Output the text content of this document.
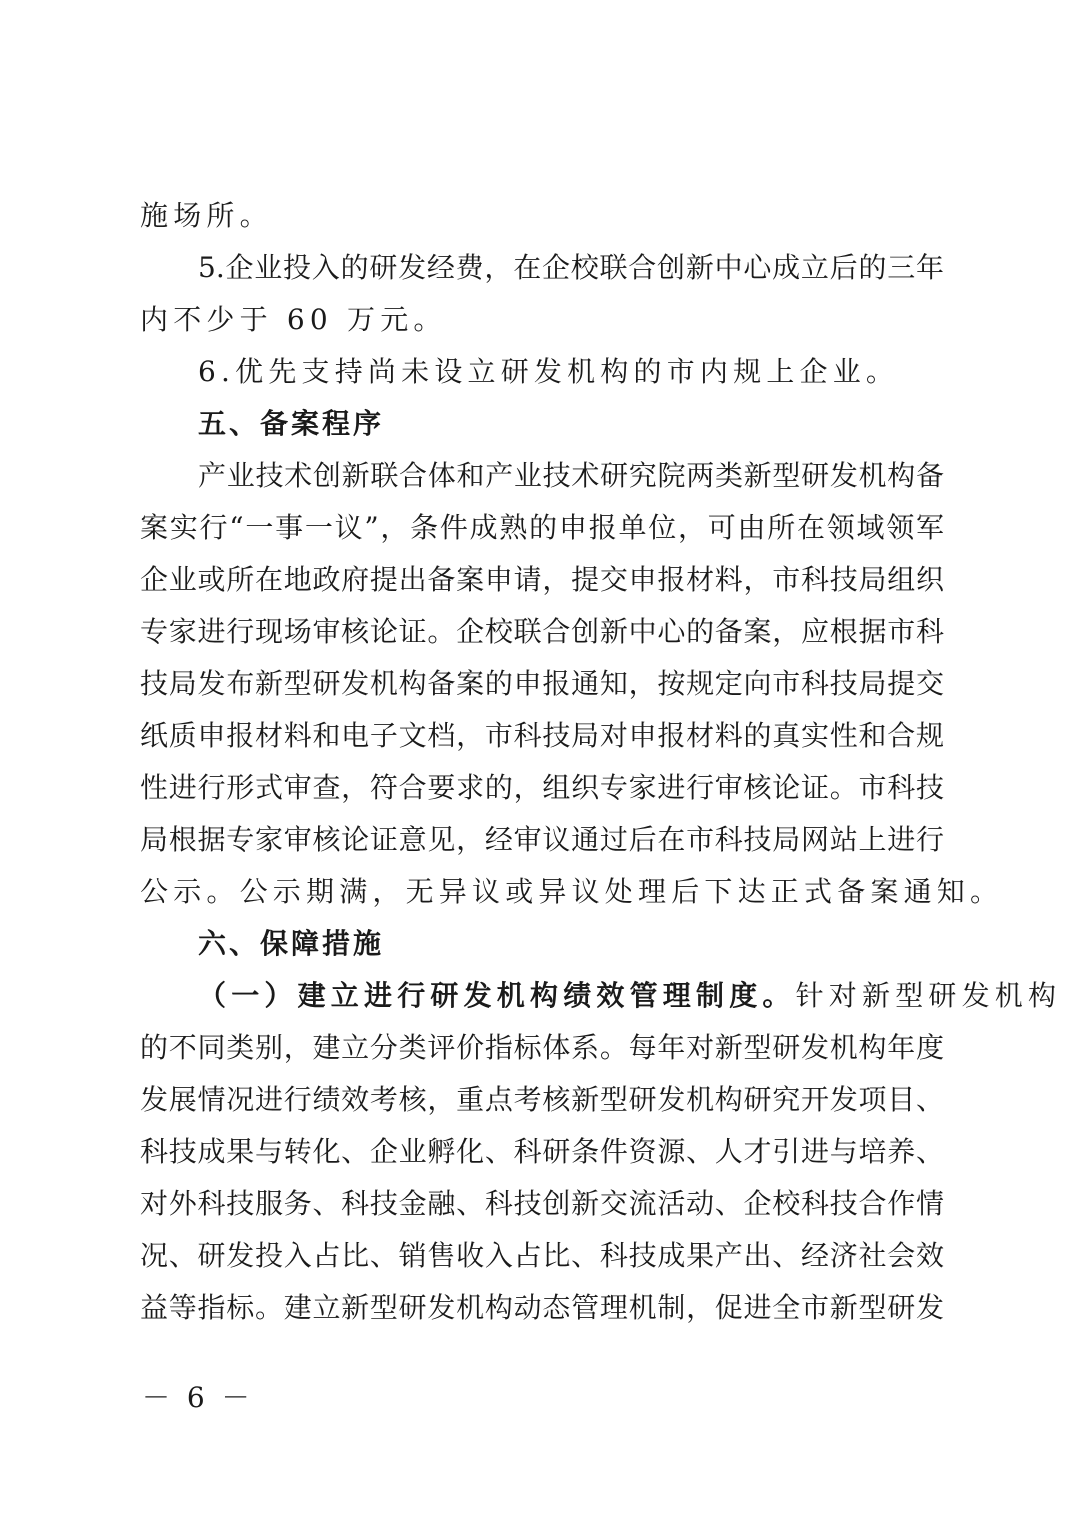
施场所。
5.企业投入的研发经费，在企校联合创新中心成立后的三年
内不少于 60 万元。
6.优先支持尚未设立研发机构的市内规上企业。
五、备案程序
产业技术创新联合体和产业技术研究院两类新型研发机构备
案实行“一事一议”，条件成熟的申报单位，可由所在领域领军
企业或所在地政府提出备案申请，提交申报材料，市科技局组织
专家进行现场审核论证。企校联合创新中心的备案，应根据市科
技局发布新型研发机构备案的申报通知，按规定向市科技局提交
纸质申报材料和电子文档，市科技局对申报材料的真实性和合规
性进行形式审查，符合要求的，组织专家进行审核论证。市科技
局根据专家审核论证意见，经审议通过后在市科技局网站上进行
公示。公示期满，无异议或异议处理后下达正式备案通知。
六、保障措施
（一）建立进行研发机构绩效管理制度。针对新型研发机构
的不同类别，建立分类评价指标体系。每年对新型研发机构年度
发展情况进行绩效考核，重点考核新型研发机构研究开发项目、
科技成果与转化、企业孵化、科研条件资源、人才引进与培养、
对外科技服务、科技金融、科技创新交流活动、企校科技合作情
况、研发投入占比、销售收入占比、科技成果产出、经济社会效
益等指标。建立新型研发机构动态管理机制，促进全市新型研发
－ 6 －
